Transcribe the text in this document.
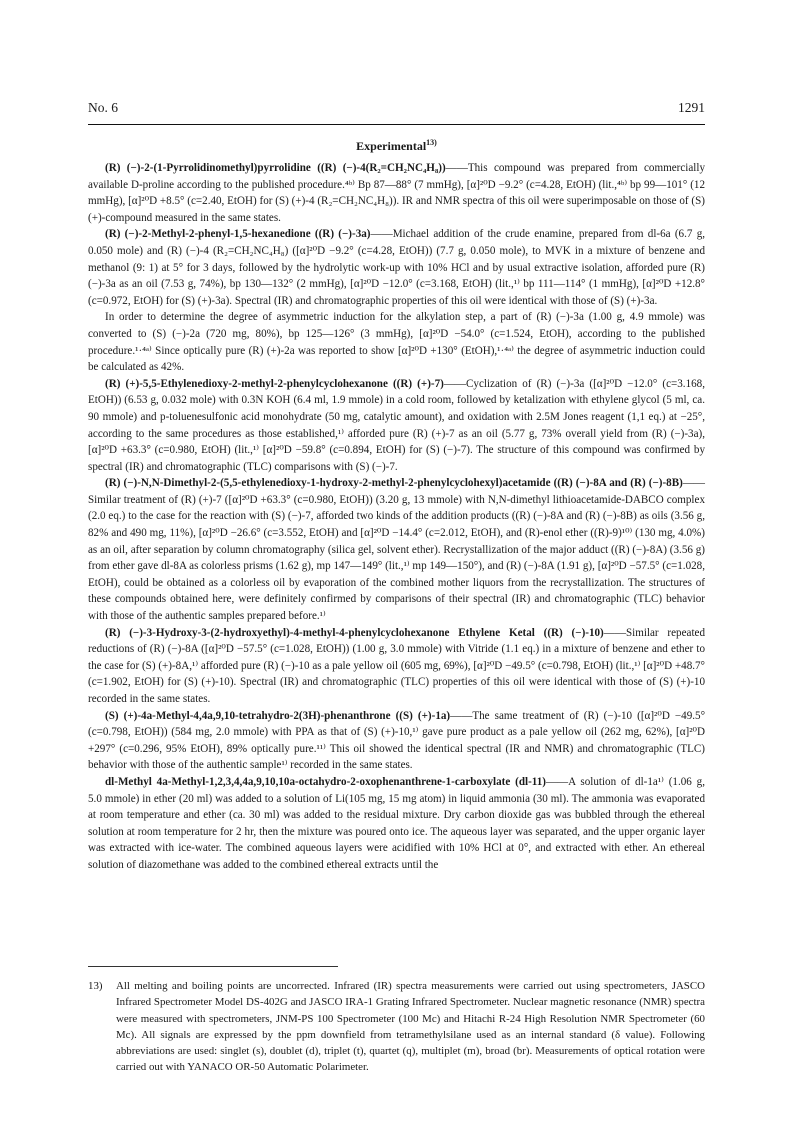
No. 6	1291
Experimental$^{13)}$

(R) (−)-2-(1-Pyrrolidinomethyl)pyrrolidine ((R) (−)-4(R₂=CH₂NC₄H₈))——This compound was prepared from commercially available D-proline according to the published procedure.⁴ᵇ⁾ Bp 87—88° (7 mmHg), [α]²⁰D −9.2° (c=4.28, EtOH) (lit.,⁴ᵇ⁾ bp 99—101° (12 mmHg), [α]²⁰D +8.5° (c=2.40, EtOH) for (S) (+)-4 (R₂=CH₂NC₄H₈)). IR and NMR spectra of this oil were superimposable on those of (S) (+)-compound measured in the same states.

(R) (−)-2-Methyl-2-phenyl-1,5-hexanedione ((R) (−)-3a)——Michael addition of the crude enamine, prepared from dl-6a (6.7 g, 0.050 mole) and (R) (−)-4 (R₂=CH₂NC₄H₈) ([α]²⁰D −9.2° (c=4.28, EtOH)) (7.7 g, 0.050 mole), to MVK in a mixture of benzene and methanol (9: 1) at 5° for 3 days, followed by the hydrolytic work-up with 10% HCl and by usual extractive isolation, afforded pure (R) (−)-3a as an oil (7.53 g, 74%), bp 130—132° (2 mmHg), [α]²⁰D −12.0° (c=3.168, EtOH) (lit.,¹⁾ bp 111—114° (1 mmHg), [α]²⁰D +12.8° (c=0.972, EtOH) for (S) (+)-3a). Spectral (IR) and chromatographic properties of this oil were identical with those of (S) (+)-3a.

In order to determine the degree of asymmetric induction for the alkylation step, a part of (R) (−)-3a (1.00 g, 4.9 mmole) was converted to (S) (−)-2a (720 mg, 80%), bp 125—126° (3 mmHg), [α]²⁰D −54.0° (c=1.524, EtOH), according to the published procedure.¹·⁴ᵃ⁾ Since optically pure (R) (+)-2a was reported to show [α]²⁰D +130° (EtOH),¹·⁴ᵃ⁾ the degree of asymmetric induction could be calculated as 42%.

(R) (+)-5,5-Ethylenedioxy-2-methyl-2-phenylcyclohexanone ((R) (+)-7)——Cyclization of (R) (−)-3a ([α]²⁰D −12.0° (c=3.168, EtOH)) (6.53 g, 0.032 mole) with 0.3N KOH (6.4 ml, 1.9 mmole) in a cold room, followed by ketalization with ethylene glycol (5 ml, ca. 90 mmole) and p-toluenesulfonic acid monohydrate (50 mg, catalytic amount), and oxidation with 2.5M Jones reagent (1,1 eq.) at −25°, according to the same procedures as those established,¹⁾ afforded pure (R) (+)-7 as an oil (5.77 g, 73% overall yield from (R) (−)-3a), [α]²⁰D +63.3° (c=0.980, EtOH) (lit.,¹⁾ [α]²⁰D −59.8° (c=0.894, EtOH) for (S) (−)-7). The structure of this compound was confirmed by spectral (IR) and chromatographic (TLC) comparisons with (S) (−)-7.

(R) (−)-N,N-Dimethyl-2-(5,5-ethylenedioxy-1-hydroxy-2-methyl-2-phenylcyclohexyl)acetamide ((R) (−)-8A and (R) (−)-8B)——Similar treatment of (R) (+)-7 ([α]²⁰D +63.3° (c=0.980, EtOH)) (3.20 g, 13 mmole) with N,N-dimethyl lithioacetamide-DABCO complex (2.0 eq.) to the case for the reaction with (S) (−)-7, afforded two kinds of the addition products ((R) (−)-8A and (R) (−)-8B) as oils (3.56 g, 82% and 490 mg, 11%), [α]²⁰D −26.6° (c=3.552, EtOH) and [α]²⁰D −14.4° (c=2.012, EtOH), and (R)-enol ether ((R)-9)¹⁰⁾ (130 mg, 4.0%) as an oil, after separation by column chromatography (silica gel, solvent ether). Recrystallization of the major adduct ((R) (−)-8A) (3.56 g) from ether gave dl-8A as colorless prisms (1.62 g), mp 147—149° (lit.,¹⁾ mp 149—150°), and (R) (−)-8A (1.91 g), [α]²⁰D −57.5° (c=1.028, EtOH), could be obtained as a colorless oil by evaporation of the combined mother liquors from the recrystallization. The structures of these compounds obtained here, were definitely confirmed by comparisons of their spectral (IR) and chromatographic (TLC) behavior with those of the authentic samples prepared before.¹⁾

(R) (−)-3-Hydroxy-3-(2-hydroxyethyl)-4-methyl-4-phenylcyclohexanone Ethylene Ketal ((R) (−)-10)——Similar repeated reductions of (R) (−)-8A ([α]²⁰D −57.5° (c=1.028, EtOH)) (1.00 g, 3.0 mmole) with Vitride (1.1 eq.) in a mixture of benzene and ether to the case for (S) (+)-8A,¹⁾ afforded pure (R) (−)-10 as a pale yellow oil (605 mg, 69%), [α]²⁰D −49.5° (c=0.798, EtOH) (lit.,¹⁾ [α]²⁰D +48.7° (c=1.902, EtOH) for (S) (+)-10). Spectral (IR) and chromatographic (TLC) properties of this oil were identical with those of (S) (+)-10 recorded in the same states.

(S) (+)-4a-Methyl-4,4a,9,10-tetrahydro-2(3H)-phenanthrone ((S) (+)-1a)——The same treatment of (R) (−)-10 ([α]²⁰D −49.5° (c=0.798, EtOH)) (584 mg, 2.0 mmole) with PPA as that of (S) (+)-10,¹⁾ gave pure product as a pale yellow oil (262 mg, 62%), [α]²⁰D +297° (c=0.296, 95% EtOH), 89% optically pure.¹¹⁾ This oil showed the identical spectral (IR and NMR) and chromatographic (TLC) behavior with those of the authentic sample¹⁾ recorded in the same states.

dl-Methyl 4a-Methyl-1,2,3,4,4a,9,10,10a-octahydro-2-oxophenanthrene-1-carboxylate (dl-11)——A solution of dl-1a¹⁾ (1.06 g, 5.0 mmole) in ether (20 ml) was added to a solution of Li(105 mg, 15 mg atom) in liquid ammonia (30 ml). The ammonia was evaporated at room temperature and ether (ca. 30 ml) was added to the residual mixture. Dry carbon dioxide gas was bubbled through the ethereal solution at room temperature for 2 hr, then the mixture was poured onto ice. The aqueous layer was separated, and the upper organic layer was extracted with ice-water. The combined aqueous layers were acidified with 10% HCl at 0°, and extracted with ether. An ethereal solution of diazomethane was added to the combined ethereal extracts until the

13)	All melting and boiling points are uncorrected. Infrared (IR) spectra measurements were carried out using spectrometers, JASCO Infrared Spectrometer Model DS-402G and JASCO IRA-1 Grating Infrared Spectrometer. Nuclear magnetic resonance (NMR) spectra were measured with spectrometers, JNM-PS 100 Spectrometer (100 Mc) and Hitachi R-24 High Resolution NMR Spectrometer (60 Mc). All signals are expressed by the ppm downfield from tetramethylsilane used as an internal standard (δ value). Following abbreviations are used: singlet (s), doublet (d), triplet (t), quartet (q), multiplet (m), broad (br). Measurements of optical rotation were carried out with YANACO OR-50 Automatic Polarimeter.
